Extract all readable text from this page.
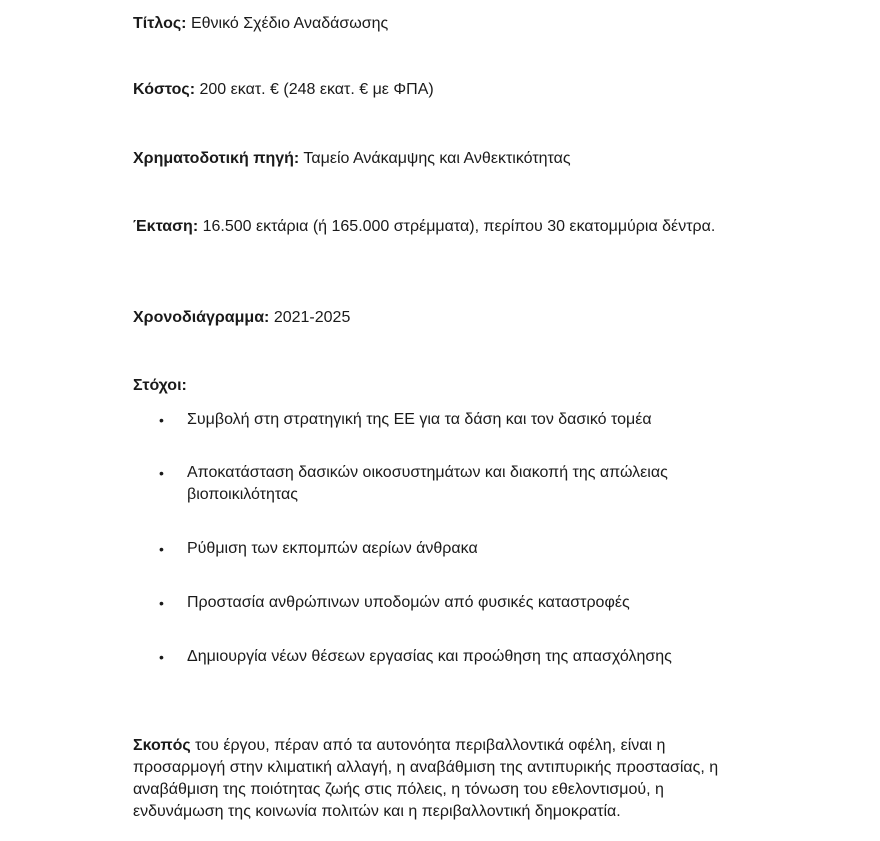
Τίτλος: Εθνικό Σχέδιο Αναδάσωσης
Κόστος: 200 εκατ. € (248 εκατ. € με ΦΠΑ)
Χρηματοδοτική πηγή: Ταμείο Ανάκαμψης και Ανθεκτικότητας
Έκταση: 16.500 εκτάρια (ή 165.000 στρέμματα), περίπου 30 εκατομμύρια δέντρα.
Χρονοδιάγραμμα: 2021-2025
Στόχοι:
• Συμβολή στη στρατηγική της ΕΕ για τα δάση και τον δασικό τομέα
• Αποκατάσταση δασικών οικοσυστημάτων και διακοπή της απώλειας βιοποικιλότητας
• Ρύθμιση των εκπομπών αερίων άνθρακα
• Προστασία ανθρώπινων υποδομών από φυσικές καταστροφές
• Δημιουργία νέων θέσεων εργασίας και προώθηση της απασχόλησης
Σκοπός του έργου, πέραν από τα αυτονόητα περιβαλλοντικά οφέλη, είναι η προσαρμογή στην κλιματική αλλαγή, η αναβάθμιση της αντιπυρικής προστασίας, η αναβάθμιση της ποιότητας ζωής στις πόλεις, η τόνωση του εθελοντισμού, η ενδυνάμωση της κοινωνία πολιτών και η περιβαλλοντική δημοκρατία.
